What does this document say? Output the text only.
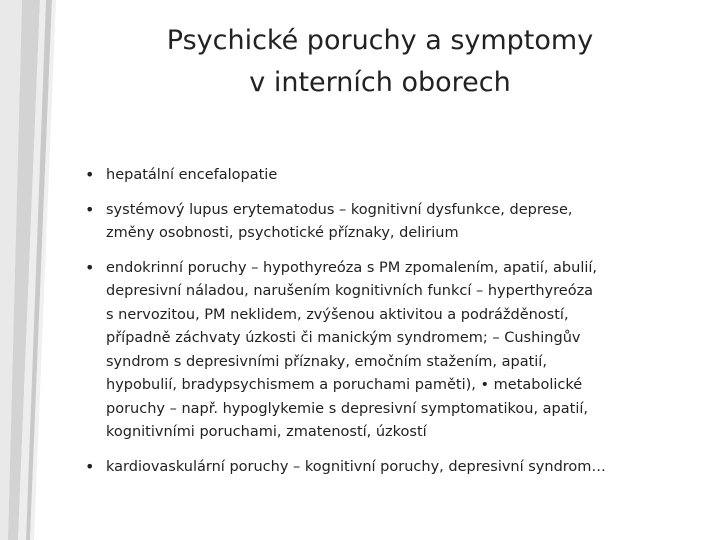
Psychické poruchy a symptomy
v interních oborech
• hepatální encefalopatie
• systémový lupus erytematodus – kognitivní dysfunkce, deprese,
změny osobnosti, psychotické příznaky, delirium
• endokrinní poruchy – hypothyreóza s PM zpomalením, apatií, abulií,
depresivní náladou, narušením kognitivních funkcí – hyperthyreóza
s nervozitou, PM neklidem, zvýšenou aktivitou a podrážděností,
případně záchvaty úzkosti či manickým syndromem; – Cushingův
syndrom s depresivními příznaky, emočním stažením, apatií,
hypobulií, bradypsychismem a poruchami paměti), • metabolické
poruchy – např. hypoglykemie s depresivní symptomatikou, apatií,
kognitivními poruchami, zmateností, úzkostí
• kardiovaskulární poruchy – kognitivní poruchy, depresivní syndrom…
